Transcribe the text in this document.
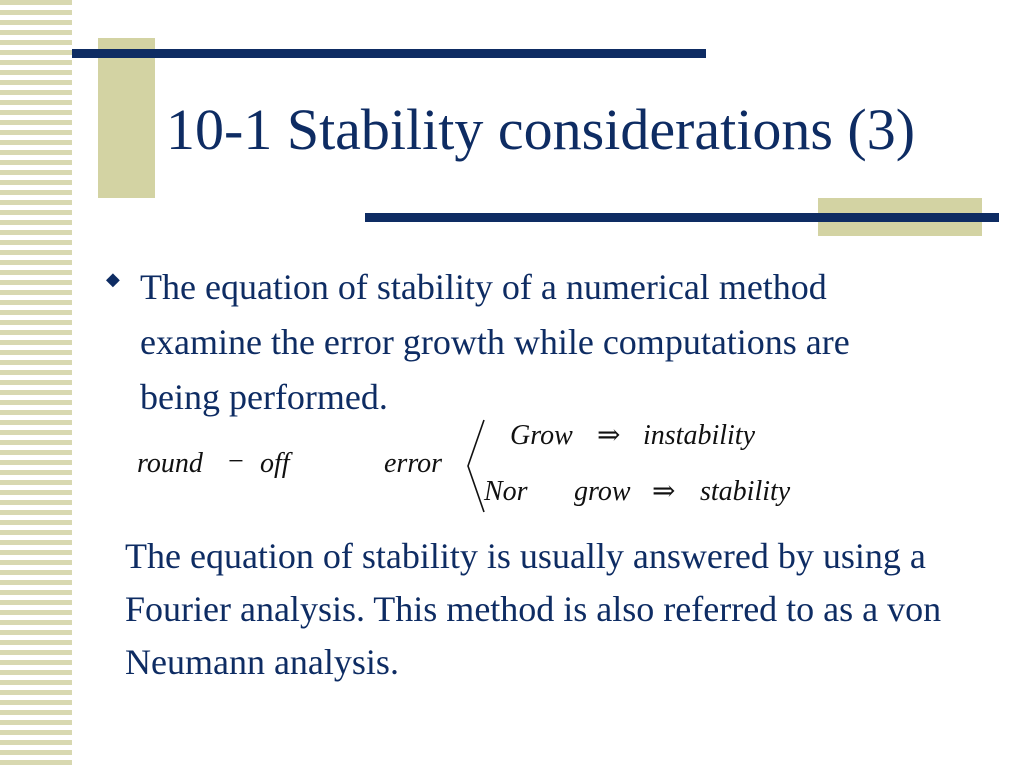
10-1 Stability considerations (3)
◆ The equation of stability of a numerical method examine the error growth while computations are being performed.
round − off	error
Grow ⇒ instability
Nor grow ⇒ stability
The equation of stability is usually answered by using a Fourier analysis. This method is also referred to as a von Neumann analysis.
